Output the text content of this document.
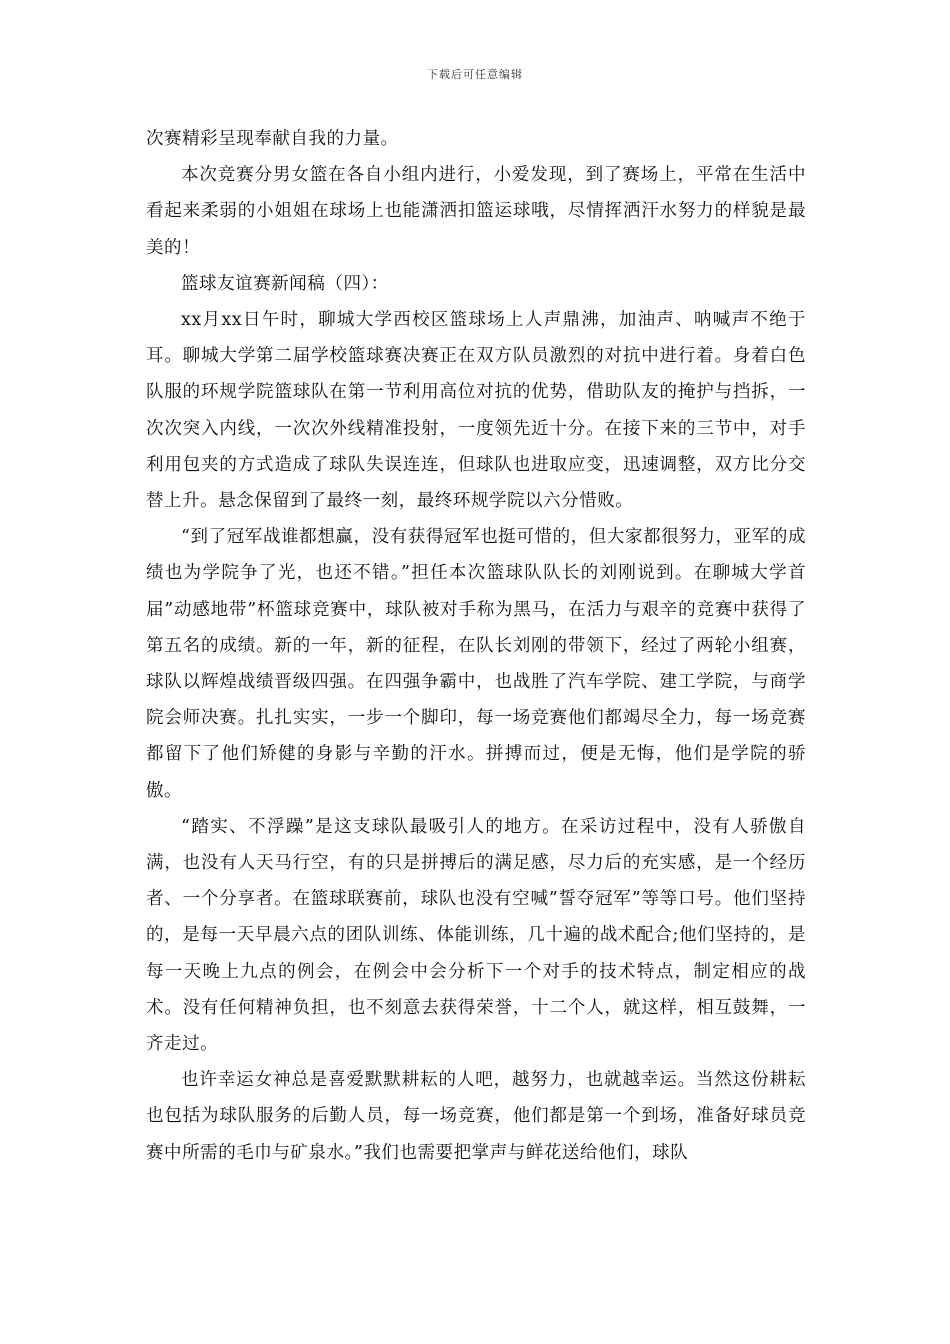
下载后可任意编辑

次赛精彩呈现奉献自我的力量。

本次竞赛分男女篮在各自小组内进行，小爱发现，到了赛场上，平常在生活中看起来柔弱的小姐姐在球场上也能潇洒扣篮运球哦，尽情挥洒汗水努力的样貌是最美的！

篮球友谊赛新闻稿（四）：

xx月xx日午时，聊城大学西校区篮球场上人声鼎沸，加油声、呐喊声不绝于耳。聊城大学第二届学校篮球赛决赛正在双方队员激烈的对抗中进行着。身着白色队服的环规学院篮球队在第一节利用高位对抗的优势，借助队友的掩护与挡拆，一次次突入内线，一次次外线精准投射，一度领先近十分。在接下来的三节中，对手利用包夹的方式造成了球队失误连连，但球队也进取应变，迅速调整，双方比分交替上升。悬念保留到了最终一刻，最终环规学院以六分惜败。

“到了冠军战谁都想赢，没有获得冠军也挺可惜的，但大家都很努力，亚军的成绩也为学院争了光，也还不错。”担任本次篮球队队长的刘刚说到。在聊城大学首届”动感地带”杯篮球竞赛中，球队被对手称为黑马，在活力与艰辛的竞赛中获得了第五名的成绩。新的一年，新的征程，在队长刘刚的带领下，经过了两轮小组赛，球队以辉煌战绩晋级四强。在四强争霸中，也战胜了汽车学院、建工学院，与商学院会师决赛。扎扎实实，一步一个脚印，每一场竞赛他们都竭尽全力，每一场竞赛都留下了他们矫健的身影与辛勤的汗水。拼搏而过，便是无悔，他们是学院的骄傲。

“踏实、不浮躁”是这支球队最吸引人的地方。在采访过程中，没有人骄傲自满，也没有人天马行空，有的只是拼搏后的满足感，尽力后的充实感，是一个经历者、一个分享者。在篮球联赛前，球队也没有空喊”誓夺冠军”等等口号。他们坚持的，是每一天早晨六点的团队训练、体能训练，几十遍的战术配合;他们坚持的，是每一天晚上九点的例会，在例会中会分析下一个对手的技术特点，制定相应的战术。没有任何精神负担，也不刻意去获得荣誉，十二个人，就这样，相互鼓舞，一齐走过。

也许幸运女神总是喜爱默默耕耘的人吧，越努力，也就越幸运。当然这份耕耘也包括为球队服务的后勤人员，每一场竞赛，他们都是第一个到场，准备好球员竞赛中所需的毛巾与矿泉水。”我们也需要把掌声与鲜花送给他们，球队
